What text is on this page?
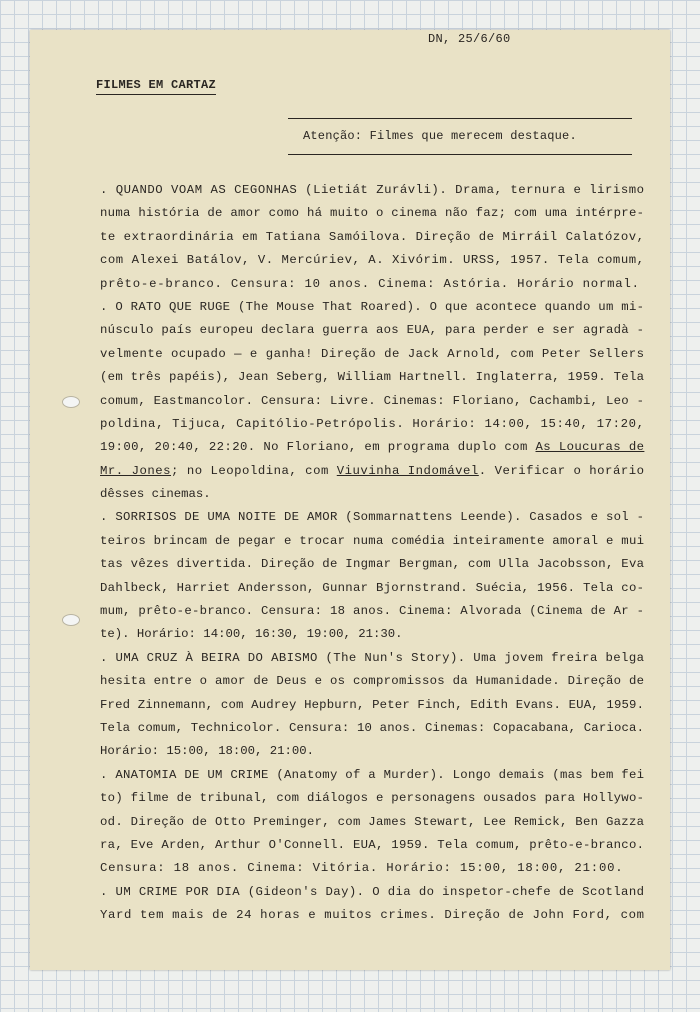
DN, 25/6/60
FILMES EM CARTAZ
Atenção: Filmes que merecem destaque.
. QUANDO VOAM AS CEGONHAS (Lietiát Zurávli). Drama, ternura e lirismo
numa história de amor como há muito o cinema não faz; com uma intérpre-
te extraordinária em Tatiana Samóilova. Direção de Mirráil Calatózov,
com Alexei Batálov, V. Mercúriev, A. Xivórim. URSS, 1957. Tela comum,
prêto-e-branco. Censura: 10 anos. Cinema: Astória. Horário normal.
. O RATO QUE RUGE (The Mouse That Roared). O que acontece quando um mi-
núsculo país europeu declara guerra aos EUA, para perder e ser agradà -
velmente ocupado — e ganha! Direção de Jack Arnold, com Peter Sellers
(em três papéis), Jean Seberg, William Hartnell. Inglaterra, 1959. Tela
comum, Eastmancolor. Censura: Livre. Cinemas: Floriano, Cachambi, Leo -
poldina, Tijuca, Capitólio-Petrópolis. Horário: 14:00, 15:40, 17:20,
19:00, 20:40, 22:20. No Floriano, em programa duplo com As Loucuras de
Mr. Jones; no Leopoldina, com Viuvinha Indomável. Verificar o horário
dêsses cinemas.
. SORRISOS DE UMA NOITE DE AMOR (Sommarnattens Leende). Casados e sol -
teiros brincam de pegar e trocar numa comédia inteiramente amoral e mui
tas vêzes divertida. Direção de Ingmar Bergman, com Ulla Jacobsson, Eva
Dahlbeck, Harriet Andersson, Gunnar Bjornstrand. Suécia, 1956. Tela co-
mum, prêto-e-branco. Censura: 18 anos. Cinema: Alvorada (Cinema de Ar -
te). Horário: 14:00, 16:30, 19:00, 21:30.
. UMA CRUZ À BEIRA DO ABISMO (The Nun's Story). Uma jovem freira belga
hesita entre o amor de Deus e os compromissos da Humanidade. Direção de
Fred Zinnemann, com Audrey Hepburn, Peter Finch, Edith Evans. EUA, 1959.
Tela comum, Technicolor. Censura: 10 anos. Cinemas: Copacabana, Carioca.
Horário: 15:00, 18:00, 21:00.
. ANATOMIA DE UM CRIME (Anatomy of a Murder). Longo demais (mas bem fei
to) filme de tribunal, com diálogos e personagens ousados para Hollywo-
od. Direção de Otto Preminger, com James Stewart, Lee Remick, Ben Gazza
ra, Eve Arden, Arthur O'Connell. EUA, 1959. Tela comum, prêto-e-branco.
Censura: 18 anos. Cinema: Vitória. Horário: 15:00, 18:00, 21:00.
. UM CRIME POR DIA (Gideon's Day). O dia do inspetor-chefe de Scotland
Yard tem mais de 24 horas e muitos crimes. Direção de John Ford, com
